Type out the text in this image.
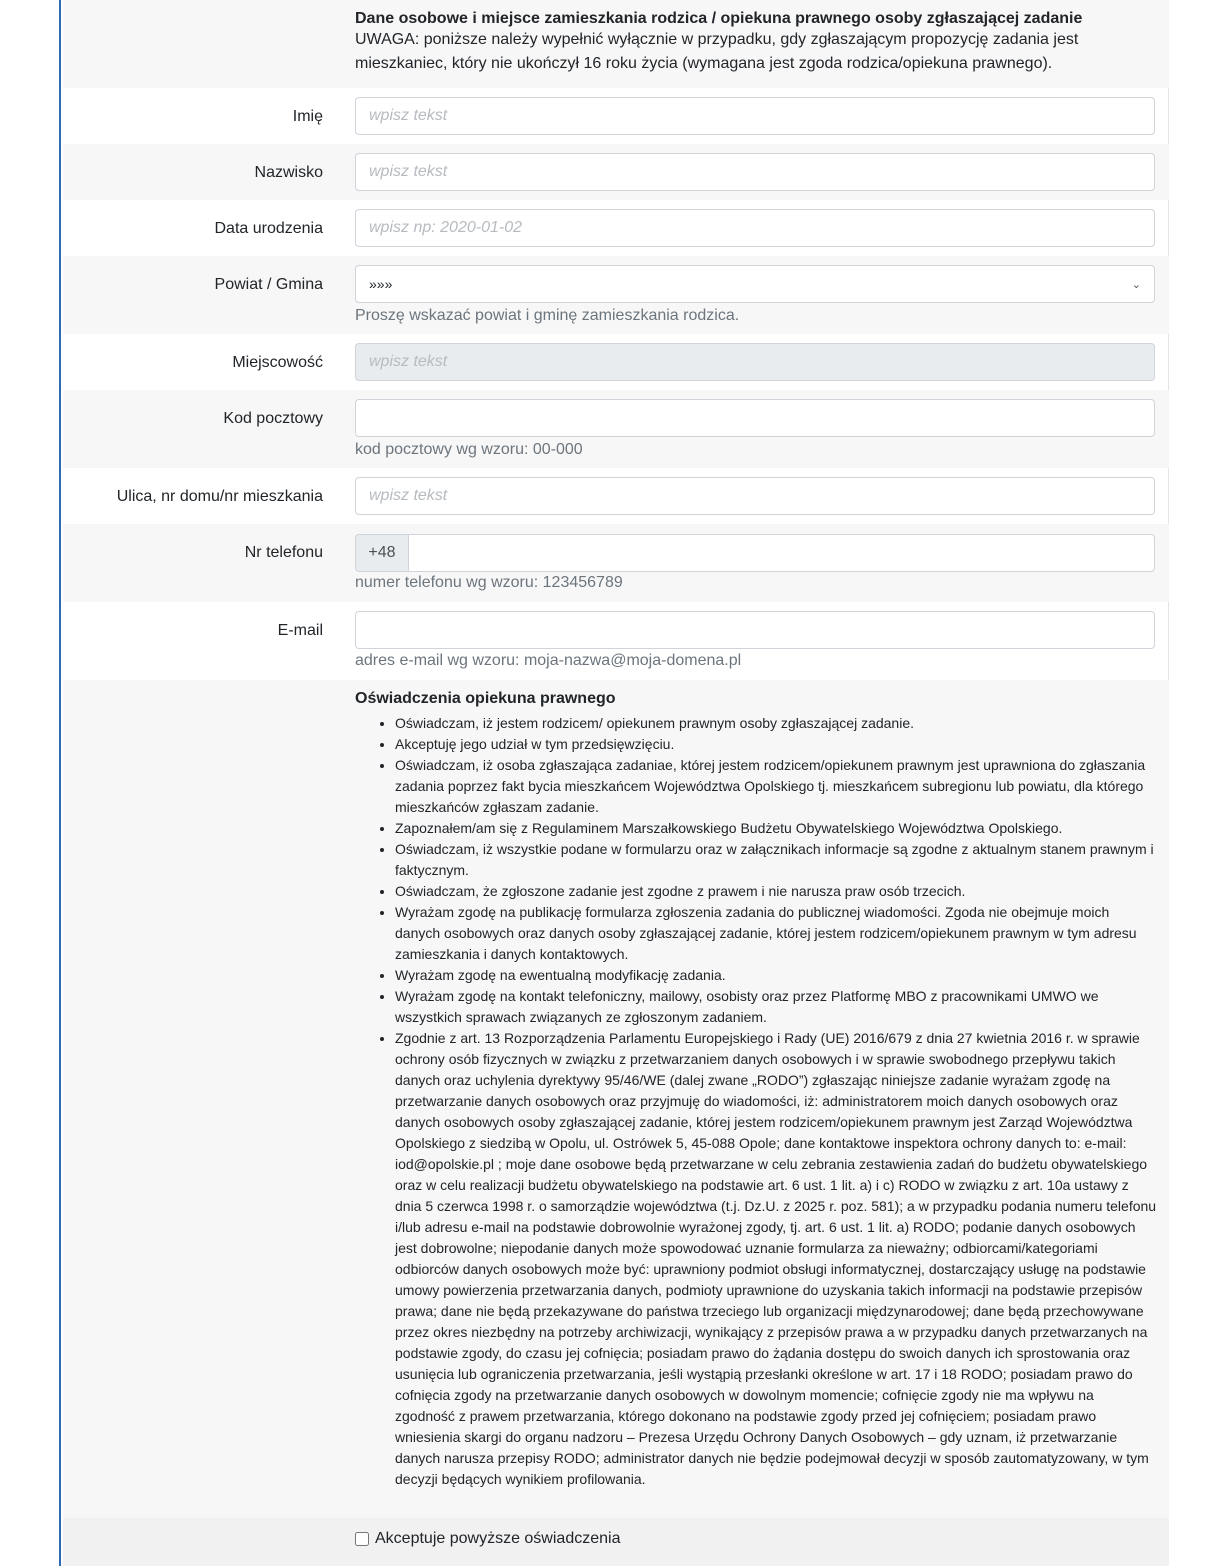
Dane osobowe i miejsce zamieszkania rodzica / opiekuna prawnego osoby zgłaszającej zadanie
UWAGA: poniższe należy wypełnić wyłącznie w przypadku, gdy zgłaszającym propozycję zadania jest mieszkaniec, który nie ukończył 16 roku życia (wymagana jest zgoda rodzica/opiekuna prawnego).
Imię
wpisz tekst
Nazwisko
wpisz tekst
Data urodzenia
wpisz np: 2020-01-02
Powiat / Gmina	»»»	⌄
Proszę wskazać powiat i gminę zamieszkania rodzica.
Miejscowość
wpisz tekst
Kod pocztowy
kod pocztowy wg wzoru: 00-000
Ulica, nr domu/nr mieszkania
wpisz tekst
Nr telefonu	+48
numer telefonu wg wzoru: 123456789
E-mail
adres e-mail wg wzoru: moja-nazwa@moja-domena.pl
Oświadczenia opiekuna prawnego
• Oświadczam, iż jestem rodzicem/ opiekunem prawnym osoby zgłaszającej zadanie.
• Akceptuję jego udział w tym przedsięwzięciu.
• Oświadczam, iż osoba zgłaszająca zadaniae, której jestem rodzicem/opiekunem prawnym jest uprawniona do zgłaszania zadania poprzez fakt bycia mieszkańcem Województwa Opolskiego tj. mieszkańcem subregionu lub powiatu, dla którego mieszkańców zgłaszam zadanie.
• Zapoznałem/am się z Regulaminem Marszałkowskiego Budżetu Obywatelskiego Województwa Opolskiego.
• Oświadczam, iż wszystkie podane w formularzu oraz w załącznikach informacje są zgodne z aktualnym stanem prawnym i faktycznym.
• Oświadczam, że zgłoszone zadanie jest zgodne z prawem i nie narusza praw osób trzecich.
• Wyrażam zgodę na publikację formularza zgłoszenia zadania do publicznej wiadomości. Zgoda nie obejmuje moich danych osobowych oraz danych osoby zgłaszającej zadanie, której jestem rodzicem/opiekunem prawnym w tym adresu zamieszkania i danych kontaktowych.
• Wyrażam zgodę na ewentualną modyfikację zadania.
• Wyrażam zgodę na kontakt telefoniczny, mailowy, osobisty oraz przez Platformę MBO z pracownikami UMWO we wszystkich sprawach związanych ze zgłoszonym zadaniem.
• Zgodnie z art. 13 Rozporządzenia Parlamentu Europejskiego i Rady (UE) 2016/679 z dnia 27 kwietnia 2016 r. w sprawie ochrony osób fizycznych w związku z przetwarzaniem danych osobowych i w sprawie swobodnego przepływu takich danych oraz uchylenia dyrektywy 95/46/WE (dalej zwane „RODO”) zgłaszając niniejsze zadanie wyrażam zgodę na przetwarzanie danych osobowych oraz przyjmuję do wiadomości, iż: administratorem moich danych osobowych oraz danych osobowych osoby zgłaszającej zadanie, której jestem rodzicem/opiekunem prawnym jest Zarząd Województwa Opolskiego z siedzibą w Opolu, ul. Ostrówek 5, 45-088 Opole; dane kontaktowe inspektora ochrony danych to: e-mail: iod@opolskie.pl ; moje dane osobowe będą przetwarzane w celu zebrania zestawienia zadań do budżetu obywatelskiego oraz w celu realizacji budżetu obywatelskiego na podstawie art. 6 ust. 1 lit. a) i c) RODO w związku z art. 10a ustawy z dnia 5 czerwca 1998 r. o samorządzie województwa (t.j. Dz.U. z 2025 r. poz. 581); a w przypadku podania numeru telefonu i/lub adresu e-mail na podstawie dobrowolnie wyrażonej zgody, tj. art. 6 ust. 1 lit. a) RODO; podanie danych osobowych jest dobrowolne; niepodanie danych może spowodować uznanie formularza za nieważny; odbiorcami/kategoriami odbiorców danych osobowych może być: uprawniony podmiot obsługi informatycznej, dostarczający usługę na podstawie umowy powierzenia przetwarzania danych, podmioty uprawnione do uzyskania takich informacji na podstawie przepisów prawa; dane nie będą przekazywane do państwa trzeciego lub organizacji międzynarodowej; dane będą przechowywane przez okres niezbędny na potrzeby archiwizacji, wynikający z przepisów prawa a w przypadku danych przetwarzanych na podstawie zgody, do czasu jej cofnięcia; posiadam prawo do żądania dostępu do swoich danych ich sprostowania oraz usunięcia lub ograniczenia przetwarzania, jeśli wystąpią przesłanki określone w art. 17 i 18 RODO; posiadam prawo do cofnięcia zgody na przetwarzanie danych osobowych w dowolnym momencie; cofnięcie zgody nie ma wpływu na zgodność z prawem przetwarzania, którego dokonano na podstawie zgody przed jej cofnięciem; posiadam prawo wniesienia skargi do organu nadzoru – Prezesa Urzędu Ochrony Danych Osobowych – gdy uznam, iż przetwarzanie danych narusza przepisy RODO; administrator danych nie będzie podejmował decyzji w sposób zautomatyzowany, w tym decyzji będących wynikiem profilowania.
Akceptuje powyższe oświadczenia
